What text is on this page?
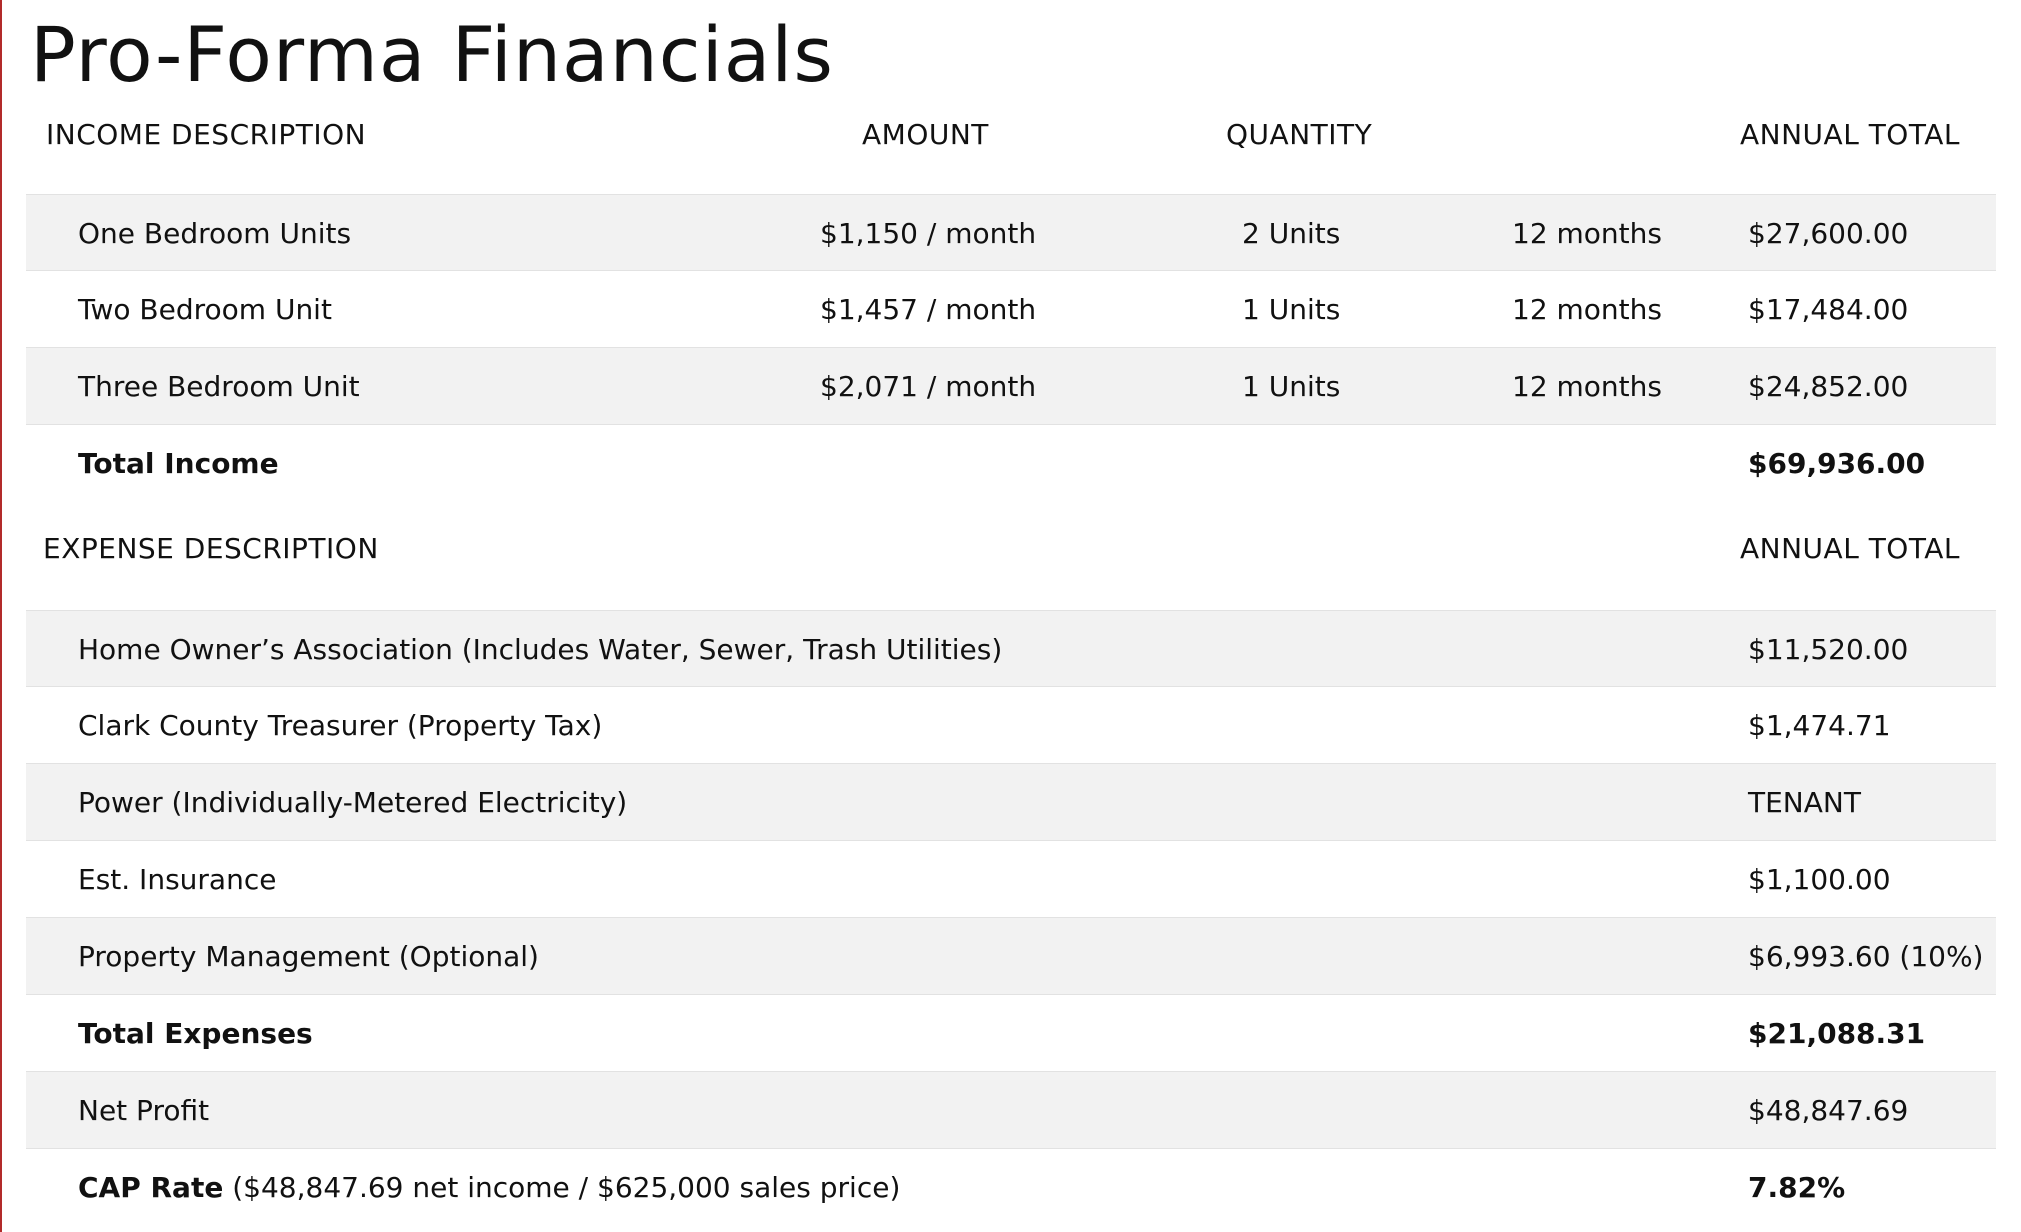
Pro-Forma Financials
INCOME DESCRIPTION	AMOUNT	QUANTITY	ANNUAL TOTAL
One Bedroom Units	$1,150 / month	2 Units	12 months	$27,600.00
Two Bedroom Unit	$1,457 / month	1 Units	12 months	$17,484.00
Three Bedroom Unit	$2,071 / month	1 Units	12 months	$24,852.00
Total Income	$69,936.00
EXPENSE DESCRIPTION	ANNUAL TOTAL
Home Owner’s Association (Includes Water, Sewer, Trash Utilities)	$11,520.00
Clark County Treasurer (Property Tax)	$1,474.71
Power (Individually-Metered Electricity)	TENANT
Est. Insurance	$1,100.00
Property Management (Optional)	$6,993.60 (10%)
Total Expenses	$21,088.31
Net Profit	$48,847.69
CAP Rate ($48,847.69 net income / $625,000 sales price)	7.82%
